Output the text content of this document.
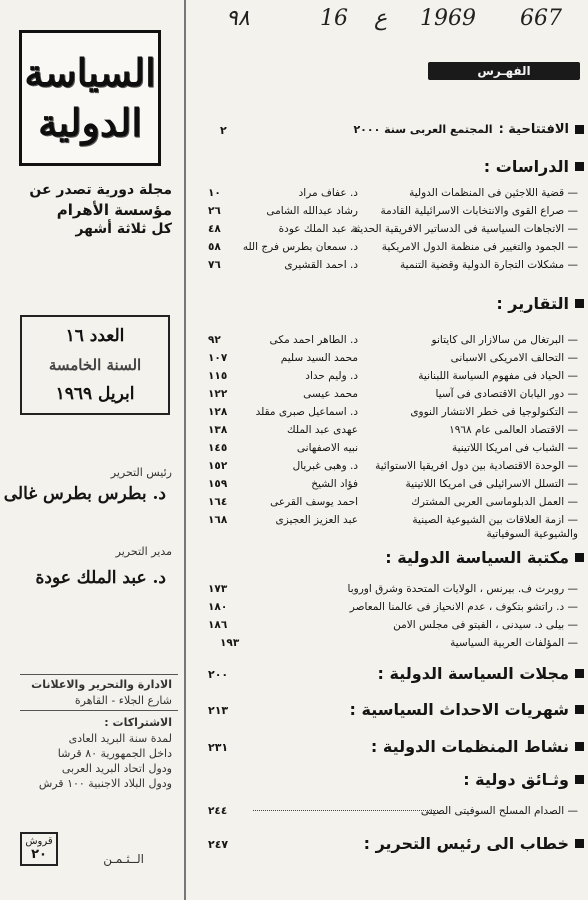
٩٨	16 ع 1969 667
السياسة
الدولية
مجلة دورية تصدر عن
مؤسسة الأهرام
كل ثلاثة أشهر
العدد ١٦
السنة الخامسة
ابريل ١٩٦٩
رئيس التحرير
د. بطرس بطرس غالى
مدير التحرير
د. عبد الملك عودة
الادارة والتحرير والاعلانات
شارع الجلاء - القاهرة
الاشتراكات :
لمدة سنة البريد العادى
داخل الجمهورية ٨٠ قرشا
ودول اتحاد البريد العربى
ودول البلاد الاجنبية ١٠٠ قرش
قروش
٢٠	الــثـمـن
الفهـرس
الافتتاحية :
المجتمع العربى سنة ٢٠٠٠
٢
الدراسات :
— قضية اللاجئين فى المنظمات الدولية
د. عفاف مراد
١٠
— صراع القوى والانتخابات الاسرائيلية القادمة
رشاد عبدالله الشامى
٢٦
— الاتجاهات السياسية فى الدساتير الافريقية الحديثة
د. عبد الملك عودة
٤٨
— الجمود والتغيير فى منظمة الدول الامريكية
د. سمعان بطرس فرج الله
٥٨
— مشكلات التجارة الدولية وقضية التنمية
د. احمد القشيرى
٧٦
التقارير :
— البرتغال من سالازار الى كايتانو
د. الطاهر احمد مكى
٩٢
— التحالف الامريكى الاسبانى
محمد السيد سليم
١٠٧
— الحياد فى مفهوم السياسة اللبنانية
د. وليم حداد
١١٥
— دور اليابان الاقتصادى فى آسيا
محمد عيسى
١٢٢
— التكنولوجيا فى خطر الانتشار النووى
د. اسماعيل صبرى مقلد
١٢٨
— الاقتصاد العالمى عام ١٩٦٨
عهدى عبد الملك
١٣٨
— الشباب فى امريكا اللاتينية
نبيه الاصفهانى
١٤٥
— الوحدة الاقتصادية بين دول افريقيا الاستوائية
د. وهبى غبريال
١٥٢
— التسلل الاسرائيلى فى امريكا اللاتينية
فؤاد الشيخ
١٥٩
— العمل الدبلوماسى العربى المشترك
احمد يوسف القرعى
١٦٤
— ازمة العلاقات بين الشيوعية الصينية والشيوعية السوفياتية
عبد العزيز العجيزى
١٦٨
مكتبة السياسة الدولية :
— روبرت ف. بيرنس ، الولايات المتحدة وشرق اوروبا
١٧٣
— د. راتشو بتكوف ، عدم الانحياز فى عالمنا المعاصر
١٨٠
— بيلى د. سيدنى ، الفيتو فى مجلس الامن
١٨٦
— المؤلفات العربية السياسية
١٩٣
مجلات السياسة الدولية :
٢٠٠
شهريات الاحداث السياسية :
٢١٣
نشاط المنظمات الدولية :
٢٣١
وثـائق دولية :
— الصدام المسلح السوفيتى الصينى
٢٤٤
خطاب الى رئيس التحرير :
٢٤٧
